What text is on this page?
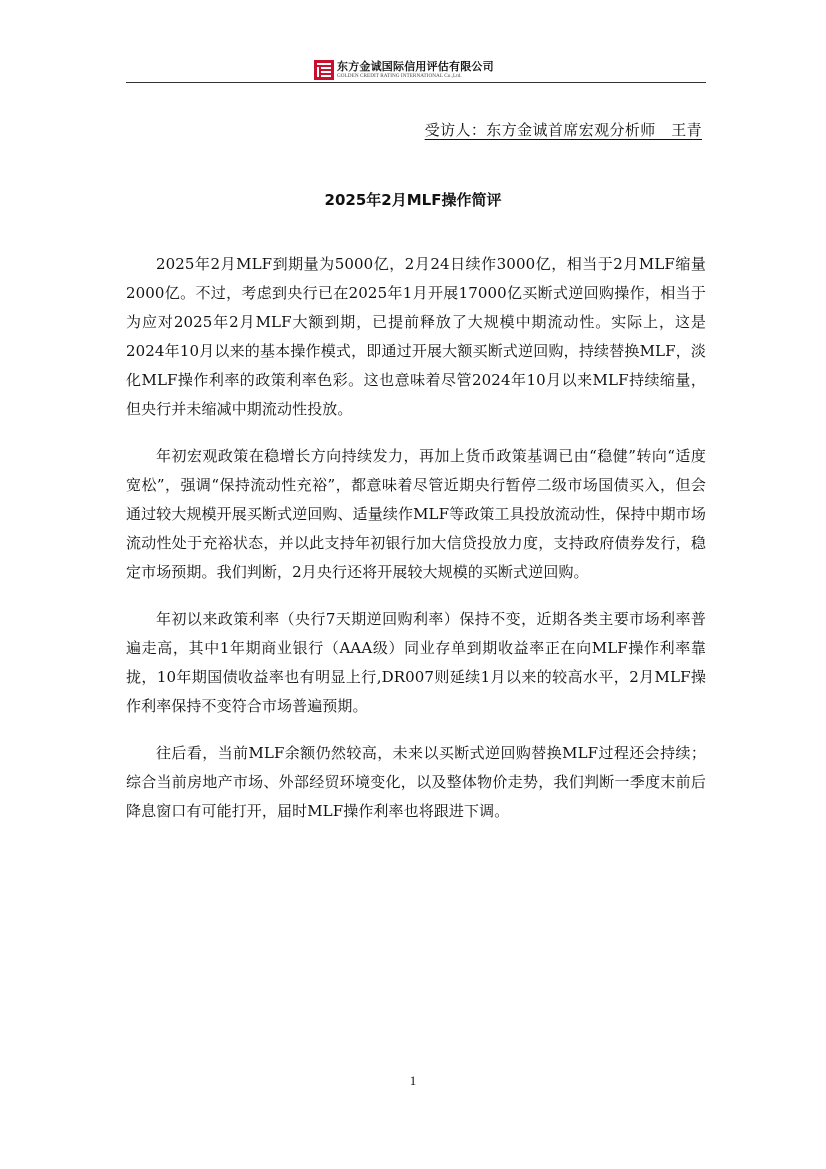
东方金诚国际信用评估有限公司
GOLDEN CREDIT RATING INTERNATIONAL Co.,Ltd.
受访人：东方金诚首席宏观分析师   王青
2025年2月MLF操作简评

2025年2月MLF到期量为5000亿，2月24日续作3000亿，相当于2月MLF缩量2000亿。不过，考虑到央行已在2025年1月开展17000亿买断式逆回购操作，相当于为应对2025年2月MLF大额到期，已提前释放了大规模中期流动性。实际上，这是2024年10月以来的基本操作模式，即通过开展大额买断式逆回购，持续替换MLF，淡化MLF操作利率的政策利率色彩。这也意味着尽管2024年10月以来MLF持续缩量，但央行并未缩减中期流动性投放。

年初宏观政策在稳增长方向持续发力，再加上货币政策基调已由“稳健”转向“适度宽松”，强调“保持流动性充裕”，都意味着尽管近期央行暂停二级市场国债买入，但会通过较大规模开展买断式逆回购、适量续作MLF等政策工具投放流动性，保持中期市场流动性处于充裕状态，并以此支持年初银行加大信贷投放力度，支持政府债券发行，稳定市场预期。我们判断，2月央行还将开展较大规模的买断式逆回购。

年初以来政策利率（央行7天期逆回购利率）保持不变，近期各类主要市场利率普遍走高，其中1年期商业银行（AAA级）同业存单到期收益率正在向MLF操作利率靠拢，10年期国债收益率也有明显上行,DR007则延续1月以来的较高水平，2月MLF操作利率保持不变符合市场普遍预期。

往后看，当前MLF余额仍然较高，未来以买断式逆回购替换MLF过程还会持续；综合当前房地产市场、外部经贸环境变化，以及整体物价走势，我们判断一季度末前后降息窗口有可能打开，届时MLF操作利率也将跟进下调。

1
